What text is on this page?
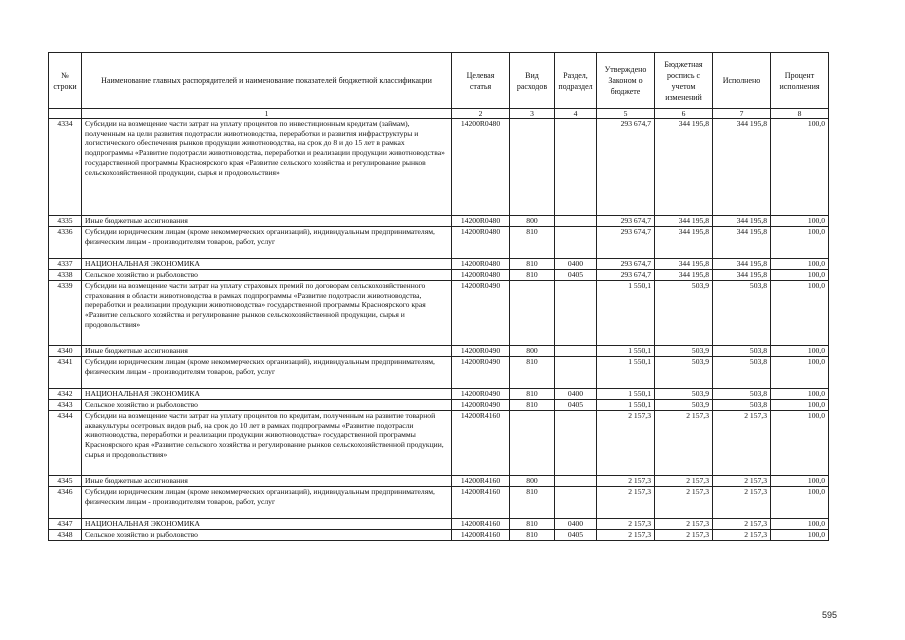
№ строки	Наименование главных распорядителей и наименование показателей бюджетной классификации	Целевая статья	Вид расходов	Раздел, подраздел	Утверждено Законом о бюджете	Бюджетная роспись с учетом изменений	Исполнено	Процент исполнения
	1	2	3	4	5	6	7	8
4334	Субсидии на возмещение части затрат на уплату процентов по инвестиционным кредитам (займам), полученным на цели развития подотрасли животноводства, переработки и развития инфраструктуры и логистического обеспечения рынков продукции животноводства, на срок до 8 и до 15 лет в рамках подпрограммы «Развитие подотрасли животноводства, переработки и реализации продукции животноводства» государственной программы Красноярского края «Развитие сельского хозяйства и регулирование рынков сельскохозяйственной продукции, сырья и продовольствия»	14200R0480			293 674,7	344 195,8	344 195,8	100,0
4335	Иные бюджетные ассигнования	14200R0480	800		293 674,7	344 195,8	344 195,8	100,0
4336	Субсидии юридическим лицам (кроме некоммерческих организаций), индивидуальным предпринимателям, физическим лицам - производителям товаров, работ, услуг	14200R0480	810		293 674,7	344 195,8	344 195,8	100,0
4337	НАЦИОНАЛЬНАЯ ЭКОНОМИКА	14200R0480	810	0400	293 674,7	344 195,8	344 195,8	100,0
4338	Сельское хозяйство и рыболовство	14200R0480	810	0405	293 674,7	344 195,8	344 195,8	100,0
4339	Субсидии на возмещение части затрат на уплату страховых премий по договорам сельскохозяйственного страхования в области животноводства в рамках подпрограммы «Развитие подотрасли животноводства, переработки и реализации продукции животноводства» государственной программы Красноярского края «Развитие сельского хозяйства и регулирование рынков сельскохозяйственной продукции, сырья и продовольствия»	14200R0490			1 550,1	503,9	503,8	100,0
4340	Иные бюджетные ассигнования	14200R0490	800		1 550,1	503,9	503,8	100,0
4341	Субсидии юридическим лицам (кроме некоммерческих организаций), индивидуальным предпринимателям, физическим лицам - производителям товаров, работ, услуг	14200R0490	810		1 550,1	503,9	503,8	100,0
4342	НАЦИОНАЛЬНАЯ ЭКОНОМИКА	14200R0490	810	0400	1 550,1	503,9	503,8	100,0
4343	Сельское хозяйство и рыболовство	14200R0490	810	0405	1 550,1	503,9	503,8	100,0
4344	Субсидии на возмещение части затрат на уплату процентов по кредитам, полученным на развитие товарной аквакультуры осетровых видов рыб, на срок до 10 лет в рамках подпрограммы «Развитие подотрасли животноводства, переработки и реализации продукции животноводства» государственной программы Красноярского края «Развитие сельского хозяйства и регулирование рынков сельскохозяйственной продукции, сырья и продовольствия»	14200R4160			2 157,3	2 157,3	2 157,3	100,0
4345	Иные бюджетные ассигнования	14200R4160	800		2 157,3	2 157,3	2 157,3	100,0
4346	Субсидии юридическим лицам (кроме некоммерческих организаций), индивидуальным предпринимателям, физическим лицам - производителям товаров, работ, услуг	14200R4160	810		2 157,3	2 157,3	2 157,3	100,0
4347	НАЦИОНАЛЬНАЯ ЭКОНОМИКА	14200R4160	810	0400	2 157,3	2 157,3	2 157,3	100,0
4348	Сельское хозяйство и рыболовство	14200R4160	810	0405	2 157,3	2 157,3	2 157,3	100,0
595
